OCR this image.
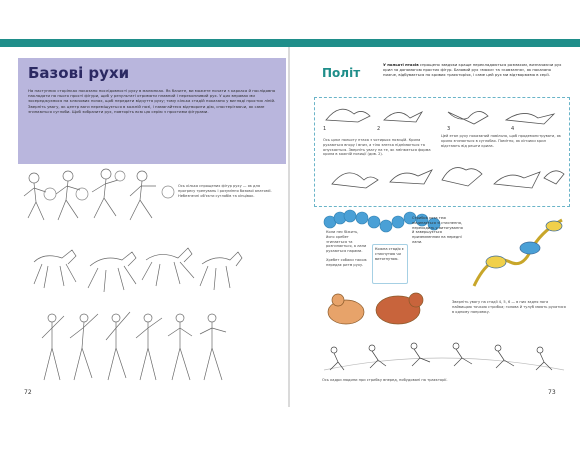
Базові рухи
На наступних сторінках показано послідовності руху в малюнках. Як бачите, ви можете почати з каркаса й послідовно накладати на нього прості фігури, щоб у результаті отримати плавний і переконливий рух. У цих вправах ми зосереджуємося на ключових позах, щоб передати відчуття руху; тому кілька стадій показано у вигляді простих ліній. Зверніть увагу, як центр ваги переміщується в кожній позі, і намагайтеся відтворити дію, спостерігаючи, як саме згинаються суглоби. Щоб зобразити рух, повторіть всю цю серію з простими фігурами.
Ось кілька спрощених фігур руху — як для прогресу тренувань і розуміння базової анатомії. Небезпечні об'єкти суглобів та кінцівок.
72
Політ
У польоті птахів спрощено завдяки краще перекладаються розмахом, визначаючи рух крил за допомогою простих фігур. Базовий рух «махи» та «ковзання», як показано нижче, відбувається по кривих траєкторіях, і саме цей рух ми відтворюємо в серії.
1	2	3	4
Ось цикл польоту птаха з чотирьох позицій. Крила рухаються вгору і вниз, а тіло злегка піднімається та опускається. Зверніть увагу на те, як змінюється форма крила в кожній позиції (див. 2).
Цей етап руху показаний повільно, щоб продемонструвати, як крило згинається в суглобах. Помітно, як кінчики крил відстають від решти крила.
Коли пес біжить, його хребет згинається та розгинається, а лапи рухаються парами.
Хребет собаки також передає ритм руху.
Кожна стадія є стиснутою чи витягнутою.
Стрибок кота теж починається зі стиснення, переходить у витягування й завершується приземленням на передні лапи.
Зверніть увагу на стадії 4, 5, 6 — в них задня нога найвищою точкою стрибка; голова й тулуб мають рухатися в одному напрямку.
Ось кадри людини при стрибку вперед, побудовані на траєкторії.
73
